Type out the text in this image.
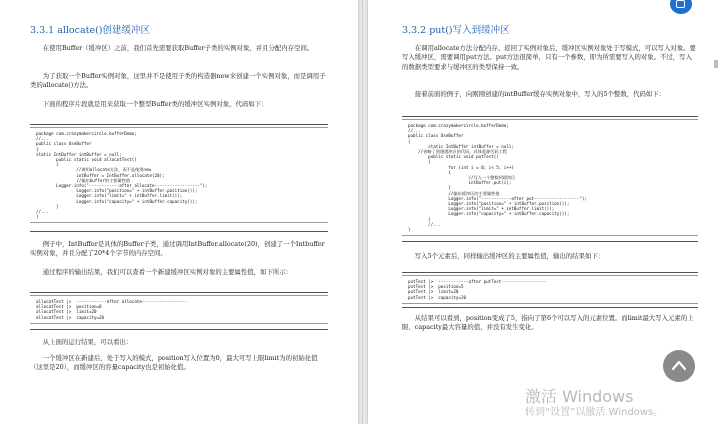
3.3.1 allocate()创建缓冲区

在使用Buffer（缓冲区）之前，我们首先需要获取Buffer子类的实例对象，并且分配内存空间。

为了获取一个Buffer实例对象，这里并不是使用子类的构造器new来创建一个实例对象，而是调用子类的allocate()方法。

下面的程序片段就是用来获取一个整型Buffer类的缓冲区实例对象，代码如下：

package com.crazymakercircle.bufferDemo;
//...
public class UseBuffer
{
static IntBuffer intBuffer = null;
public static void allocatTest()
{
//调用allocate方法，而不是使用new
intBuffer = IntBuffer.allocate(20);
//输出buffer的主要属性值
Logger.info("------------after allocate------------------");
Logger.info("position=" + intBuffer.position());
Logger.info("limit=" + intBuffer.limit());
Logger.info("capacity=" + intBuffer.capacity());
}
//...
}

例子中，IntBuffer是具体的Buffer子类，通过调用IntBuffer.allocate(20)，创建了一个Intbuffer实例对象，并且分配了20*4个字节的内存空间。

通过程序的输出结果，我们可以查看一个新建缓冲区实例对象的主要属性值，如下所示：

allocatTest |>  ------------after allocate------------------
allocatTest |>  position=0
allocatTest |>  limit=20
allocatTest |>  capacity=20

从上面的运行结果，可以看出：

一个缓冲区在新建后，处于写入的模式，position写入位置为0，最大可写上限limit为的初始化值（这里是20），而缓冲区的容量capacity也是初始化值。

3.3.2 put()写入到缓冲区

在调用allocate方法分配内存、返回了实例对象后，缓冲区实例对象处于写模式，可以写入对象。要写入缓冲区，需要调用put方法。put方法很简单，只有一个参数，即为所需要写入的对象。不过，写入的数据类型要求与缓冲区的类型保持一致。

接着前面的例子，向刚刚创建的intBuffer缓存实例对象中，写入的5个整数，代码如下：

package com.crazymakercircle.bufferDemo;
//...
public class UseBuffer
{
static IntBuffer intBuffer = null;
//省略了创建缓冲区的代码，具体看源代码工程
public static void putTest()
{
for (int i = 0; i< 5; i++)
{
//写入一个整数到缓冲区
intBuffer.put(i);
}
//输出缓冲区的主要属性值
Logger.info("------------after put------------------");
Logger.info("position=" + intBuffer.position());
Logger.info("limit=" + intBuffer.limit());
Logger.info("capacity=" + intBuffer.capacity());
}
//...
}

写入5个元素后，同样输出缓冲区的主要属性值，输出的结果如下：

putTest |>  ------------after putTest------------------
putTest |>  position=5
putTest |>  limit=20
putTest |>  capacity=20

从结果可以看到，position变成了5，指向了第6个可以写入的元素位置。而limit最大写入元素的上限、capacity最大容量的值，并没有发生变化。

激活 Windows
转到“设置”以激活 Windows。
